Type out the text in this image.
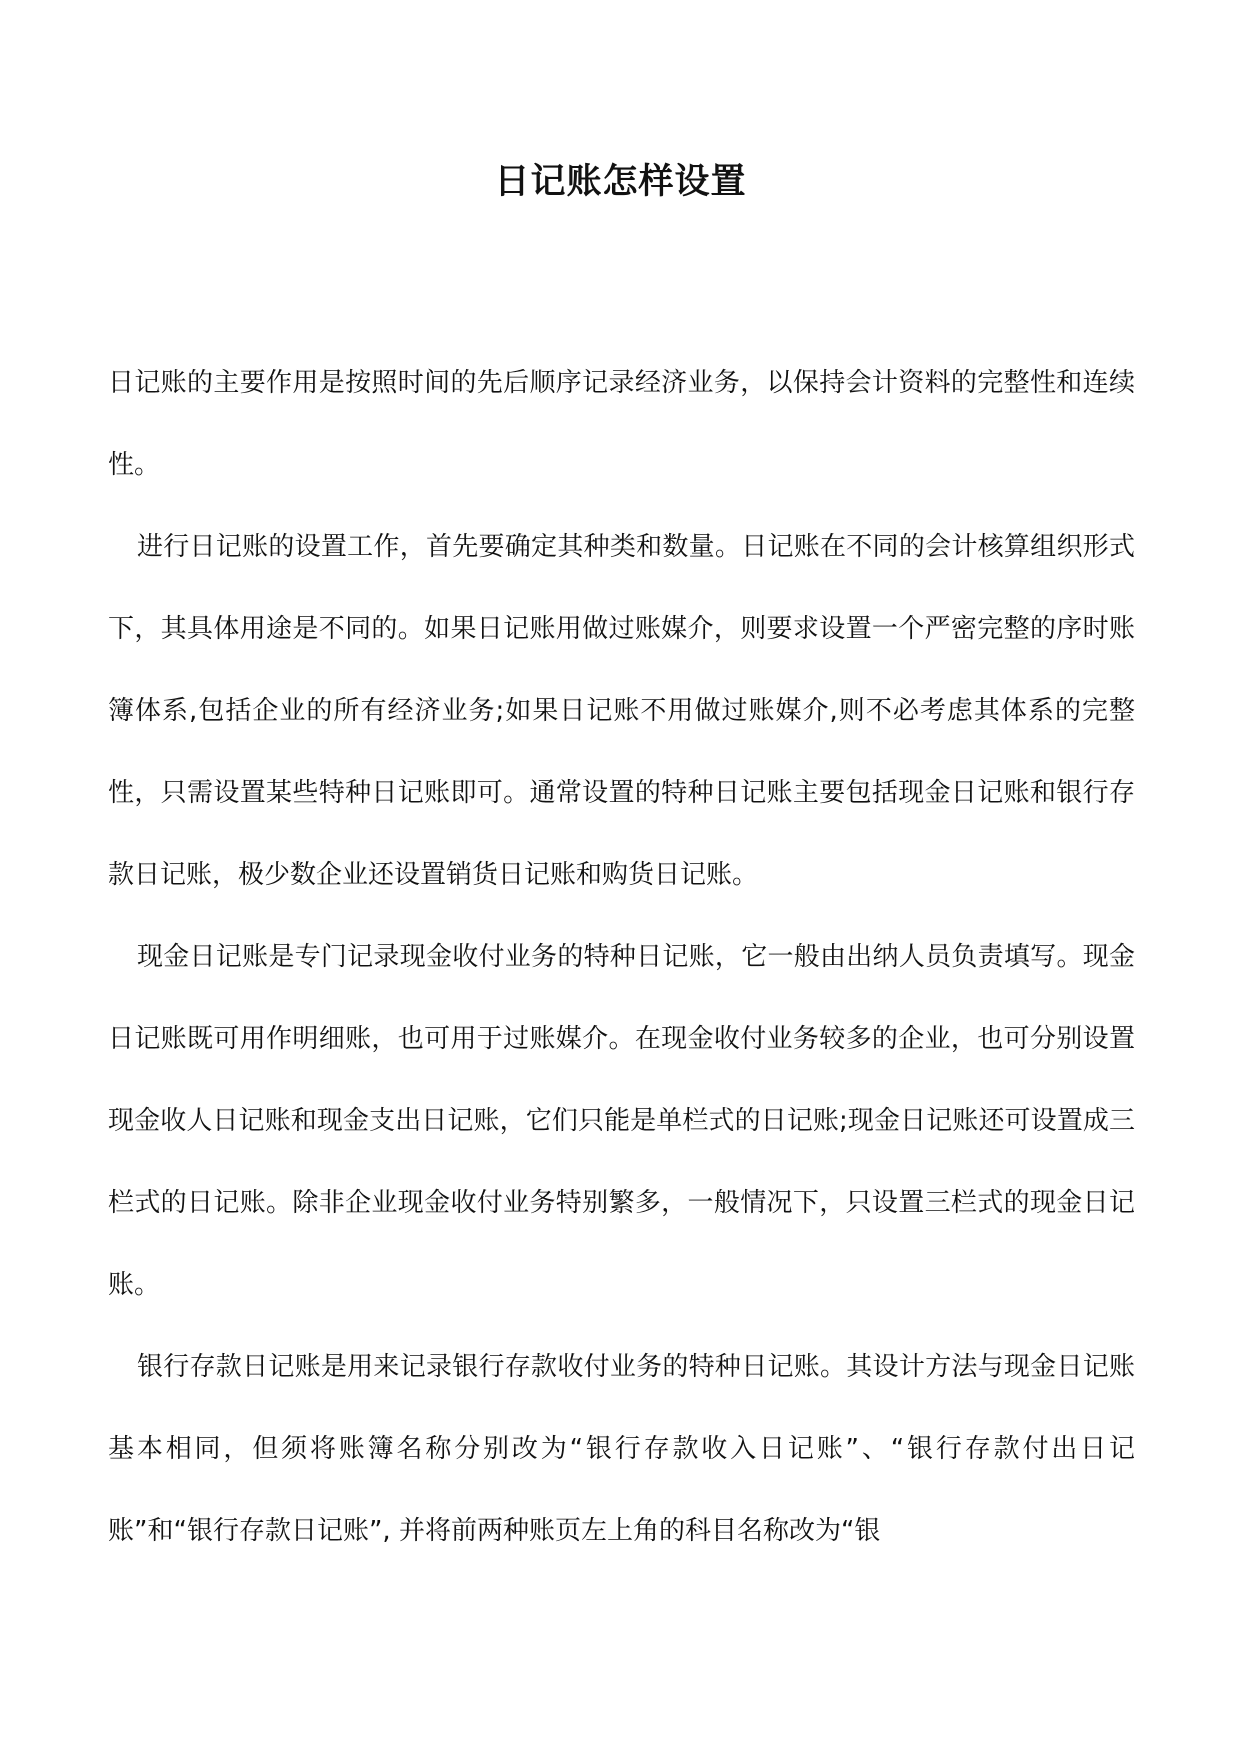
日记账怎样设置

日记账的主要作用是按照时间的先后顺序记录经济业务，以保持会计资料的完整性和连续性。

进行日记账的设置工作，首先要确定其种类和数量。日记账在不同的会计核算组织形式下，其具体用途是不同的。如果日记账用做过账媒介，则要求设置一个严密完整的序时账簿体系,包括企业的所有经济业务;如果日记账不用做过账媒介,则不必考虑其体系的完整性，只需设置某些特种日记账即可。通常设置的特种日记账主要包括现金日记账和银行存款日记账，极少数企业还设置销货日记账和购货日记账。

现金日记账是专门记录现金收付业务的特种日记账，它一般由出纳人员负责填写。现金日记账既可用作明细账，也可用于过账媒介。在现金收付业务较多的企业，也可分别设置现金收人日记账和现金支出日记账，它们只能是单栏式的日记账;现金日记账还可设置成三栏式的日记账。除非企业现金收付业务特别繁多，一般情况下，只设置三栏式的现金日记账。

银行存款日记账是用来记录银行存款收付业务的特种日记账。其设计方法与现金日记账基本相同，但须将账簿名称分别改为“银行存款收入日记账”、“银行存款付出日记账”和“银行存款日记账”, 并将前两种账页左上角的科目名称改为“银
